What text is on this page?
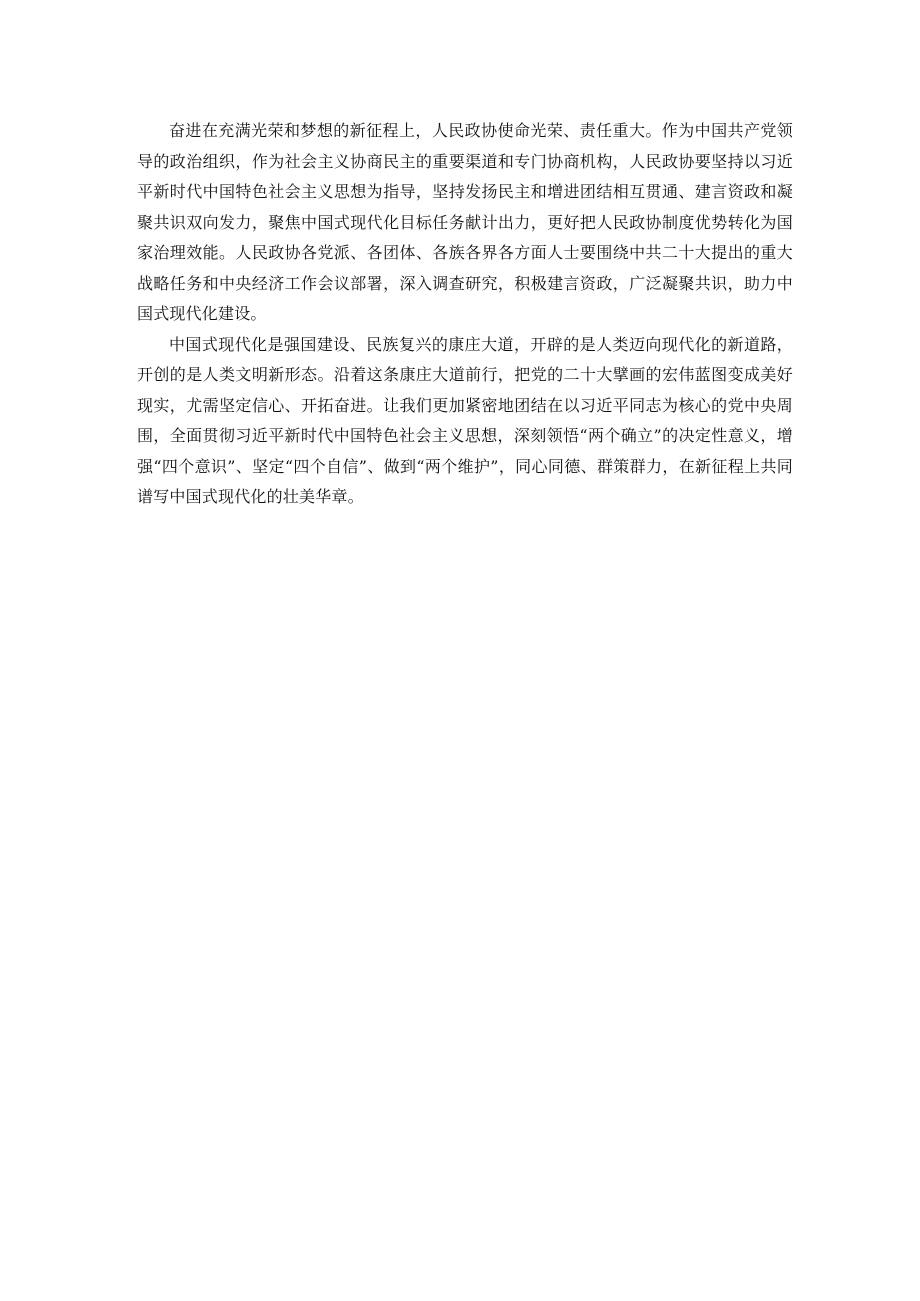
奋进在充满光荣和梦想的新征程上，人民政协使命光荣、责任重大。作为中国共产党领导的政治组织，作为社会主义协商民主的重要渠道和专门协商机构，人民政协要坚持以习近平新时代中国特色社会主义思想为指导，坚持发扬民主和增进团结相互贯通、建言资政和凝聚共识双向发力，聚焦中国式现代化目标任务献计出力，更好把人民政协制度优势转化为国家治理效能。人民政协各党派、各团体、各族各界各方面人士要围绕中共二十大提出的重大战略任务和中央经济工作会议部署，深入调查研究，积极建言资政，广泛凝聚共识，助力中国式现代化建设。

中国式现代化是强国建设、民族复兴的康庄大道，开辟的是人类迈向现代化的新道路，开创的是人类文明新形态。沿着这条康庄大道前行，把党的二十大擘画的宏伟蓝图变成美好现实，尤需坚定信心、开拓奋进。让我们更加紧密地团结在以习近平同志为核心的党中央周围，全面贯彻习近平新时代中国特色社会主义思想，深刻领悟“两个确立”的决定性意义，增强“四个意识”、坚定“四个自信”、做到“两个维护”，同心同德、群策群力，在新征程上共同谱写中国式现代化的壮美华章。
